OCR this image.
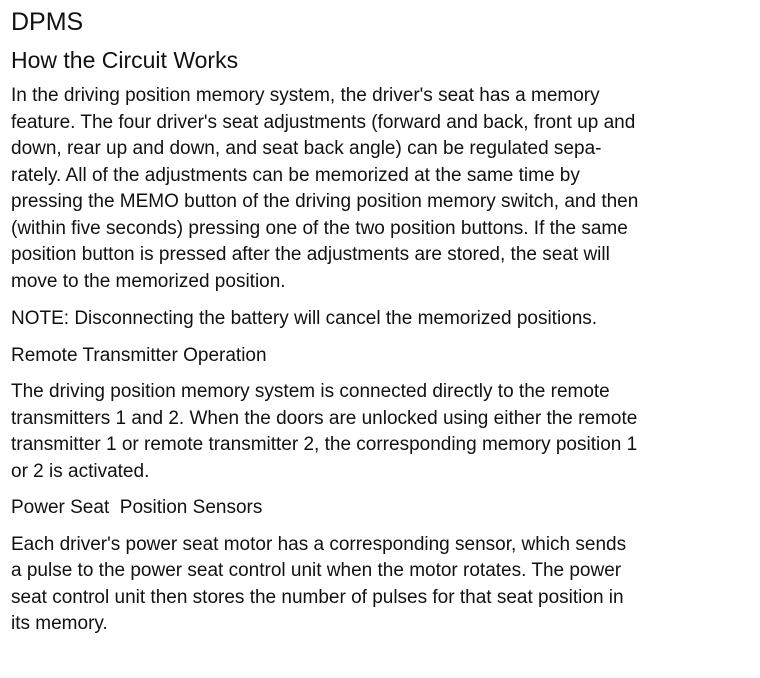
DPMS
How the Circuit Works

In the driving position memory system, the driver's seat has a memory
feature. The four driver's seat adjustments (forward and back, front up and
down, rear up and down, and seat back angle) can be regulated sepa-
rately. All of the adjustments can be memorized at the same time by
pressing the MEMO button of the driving position memory switch, and then
(within five seconds) pressing one of the two position buttons. If the same
position button is pressed after the adjustments are stored, the seat will
move to the memorized position.

NOTE: Disconnecting the battery will cancel the memorized positions.

Remote Transmitter Operation

The driving position memory system is connected directly to the remote
transmitters 1 and 2. When the doors are unlocked using either the remote
transmitter 1 or remote transmitter 2, the corresponding memory position 1
or 2 is activated.

Power Seat  Position Sensors

Each driver's power seat motor has a corresponding sensor, which sends
a pulse to the power seat control unit when the motor rotates. The power
seat control unit then stores the number of pulses for that seat position in
its memory.
